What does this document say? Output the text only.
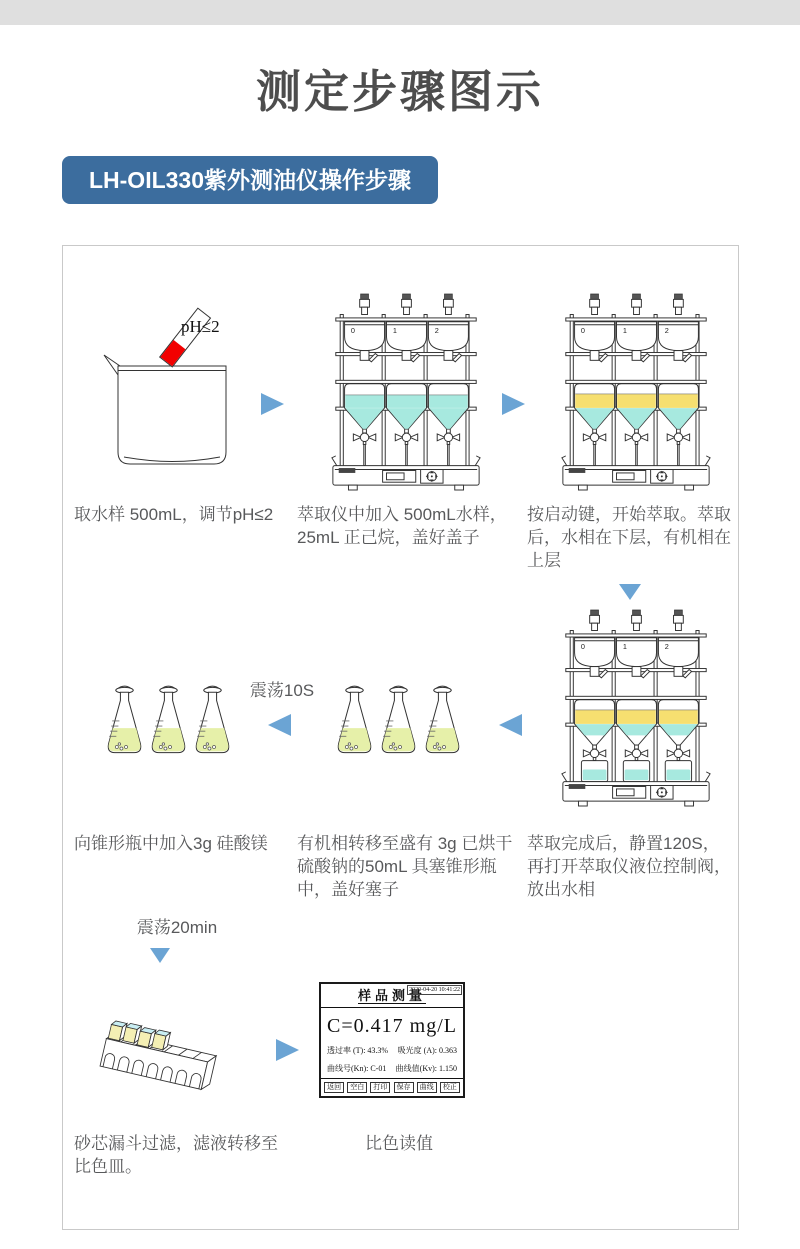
测定步骤图示
LH-OIL330紫外测油仪操作步骤
pH≤2
取水样 500mL，调节pH≤2	萃取仪中加入 500mL水样，25mL 正己烷，盖好盖子
按启动键，开始萃取。萃取后，水相在下层，有机相在上层
震荡10S
向锥形瓶中加入3g 硅酸镁	有机相转移至盛有 3g 已烘干硫酸钠的50mL 具塞锥形瓶中，盖好塞子
萃取完成后，静置120S，再打开萃取仪液位控制阀，放出水相
震荡20min
样品测量
2020-04-20 10:41:22
C=0.417 mg/L
透过率 (T): 43.3% 吸光度 (A): 0.363
曲线号(Kn): C-01 曲线值(Kv): 1.150
返回	空白	打印	保存	曲线	校正
砂芯漏斗过滤，滤液转移至比色皿。
比色读值
